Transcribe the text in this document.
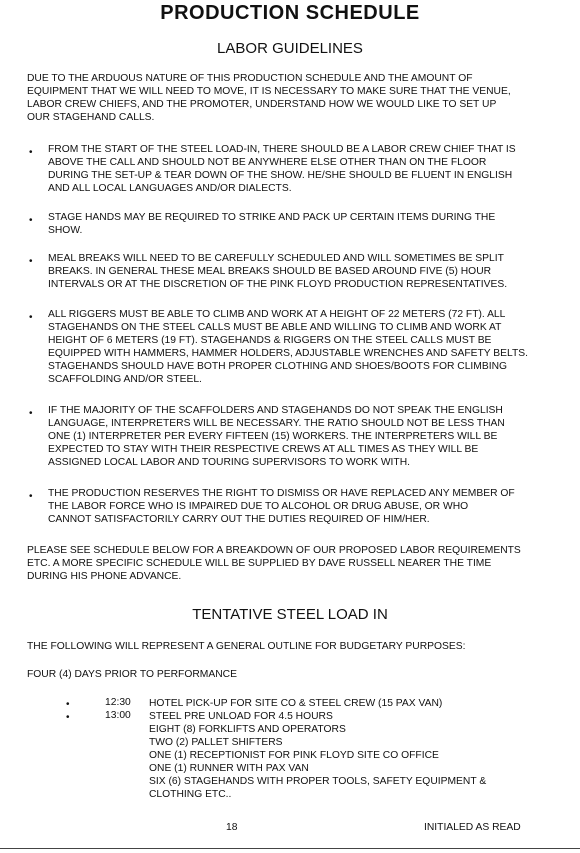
PRODUCTION SCHEDULE
LABOR GUIDELINES
DUE TO THE ARDUOUS NATURE OF THIS PRODUCTION SCHEDULE AND THE AMOUNT OF
EQUIPMENT THAT WE WILL NEED TO MOVE, IT IS NECESSARY TO MAKE SURE THAT THE VENUE,
LABOR CREW CHIEFS, AND THE PROMOTER, UNDERSTAND HOW WE WOULD LIKE TO SET UP
OUR STAGEHAND CALLS.
• FROM THE START OF THE STEEL LOAD-IN, THERE SHOULD BE A LABOR CREW CHIEF THAT IS
ABOVE THE CALL AND SHOULD NOT BE ANYWHERE ELSE OTHER THAN ON THE FLOOR
DURING THE SET-UP & TEAR DOWN OF THE SHOW. HE/SHE SHOULD BE FLUENT IN ENGLISH
AND ALL LOCAL LANGUAGES AND/OR DIALECTS.
• STAGE HANDS MAY BE REQUIRED TO STRIKE AND PACK UP CERTAIN ITEMS DURING THE
SHOW.
• MEAL BREAKS WILL NEED TO BE CAREFULLY SCHEDULED AND WILL SOMETIMES BE SPLIT
BREAKS. IN GENERAL THESE MEAL BREAKS SHOULD BE BASED AROUND FIVE (5) HOUR
INTERVALS OR AT THE DISCRETION OF THE PINK FLOYD PRODUCTION REPRESENTATIVES.
• ALL RIGGERS MUST BE ABLE TO CLIMB AND WORK AT A HEIGHT OF 22 METERS (72 FT). ALL
STAGEHANDS ON THE STEEL CALLS MUST BE ABLE AND WILLING TO CLIMB AND WORK AT
HEIGHT OF 6 METERS (19 FT). STAGEHANDS & RIGGERS ON THE STEEL CALLS MUST BE
EQUIPPED WITH HAMMERS, HAMMER HOLDERS, ADJUSTABLE WRENCHES AND SAFETY BELTS.
STAGEHANDS SHOULD HAVE BOTH PROPER CLOTHING AND SHOES/BOOTS FOR CLIMBING
SCAFFOLDING AND/OR STEEL.
• IF THE MAJORITY OF THE SCAFFOLDERS AND STAGEHANDS DO NOT SPEAK THE ENGLISH
LANGUAGE, INTERPRETERS WILL BE NECESSARY. THE RATIO SHOULD NOT BE LESS THAN
ONE (1) INTERPRETER PER EVERY FIFTEEN (15) WORKERS. THE INTERPRETERS WILL BE
EXPECTED TO STAY WITH THEIR RESPECTIVE CREWS AT ALL TIMES AS THEY WILL BE
ASSIGNED LOCAL LABOR AND TOURING SUPERVISORS TO WORK WITH.
• THE PRODUCTION RESERVES THE RIGHT TO DISMISS OR HAVE REPLACED ANY MEMBER OF
THE LABOR FORCE WHO IS IMPAIRED DUE TO ALCOHOL OR DRUG ABUSE, OR WHO
CANNOT SATISFACTORILY CARRY OUT THE DUTIES REQUIRED OF HIM/HER.
PLEASE SEE SCHEDULE BELOW FOR A BREAKDOWN OF OUR PROPOSED LABOR REQUIREMENTS
ETC. A MORE SPECIFIC SCHEDULE WILL BE SUPPLIED BY DAVE RUSSELL NEARER THE TIME
DURING HIS PHONE ADVANCE.
TENTATIVE STEEL LOAD IN
THE FOLLOWING WILL REPRESENT A GENERAL OUTLINE FOR BUDGETARY PURPOSES:
FOUR (4) DAYS PRIOR TO PERFORMANCE
•	12:30 HOTEL PICK-UP FOR SITE CO & STEEL CREW (15 PAX VAN)
•	13:00 STEEL PRE UNLOAD FOR 4.5 HOURS
EIGHT (8) FORKLIFTS AND OPERATORS
TWO (2) PALLET SHIFTERS
ONE (1) RECEPTIONIST FOR PINK FLOYD SITE CO OFFICE
ONE (1) RUNNER WITH PAX VAN
SIX (6) STAGEHANDS WITH PROPER TOOLS, SAFETY EQUIPMENT &
CLOTHING ETC..
18	INITIALED AS READ
